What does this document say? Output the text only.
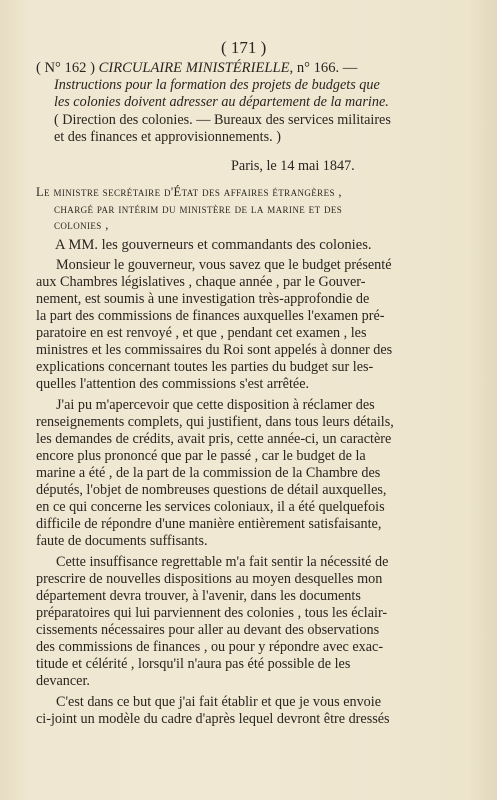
( 171 )
( N° 162 ) CIRCULAIRE MINISTÉRIELLE, n° 166. —
Instructions pour la formation des projets de budgets que
les colonies doivent adresser au département de la marine.
( Direction des colonies. — Bureaux des services militaires
et des finances et approvisionnements. )
Paris, le 14 mai 1847.
Le ministre secrétaire d'État des affaires étrangères ,
chargé par intérim du ministère de la marine et des
colonies ,
A MM. les gouverneurs et commandants des colonies.
Monsieur le gouverneur, vous savez que le budget présenté
aux Chambres législatives , chaque année , par le Gouver-
nement, est soumis à une investigation très-approfondie de
la part des commissions de finances auxquelles l'examen pré-
paratoire en est renvoyé , et que , pendant cet examen , les
ministres et les commissaires du Roi sont appelés à donner des
explications concernant toutes les parties du budget sur les-
quelles l'attention des commissions s'est arrêtée.
J'ai pu m'apercevoir que cette disposition à réclamer des
renseignements complets, qui justifient, dans tous leurs détails,
les demandes de crédits, avait pris, cette année-ci, un caractère
encore plus prononcé que par le passé , car le budget de la
marine a été , de la part de la commission de la Chambre des
députés, l'objet de nombreuses questions de détail auxquelles,
en ce qui concerne les services coloniaux, il a été quelquefois
difficile de répondre d'une manière entièrement satisfaisante,
faute de documents suffisants.
Cette insuffisance regrettable m'a fait sentir la nécessité de
prescrire de nouvelles dispositions au moyen desquelles mon
département devra trouver, à l'avenir, dans les documents
préparatoires qui lui parviennent des colonies , tous les éclair-
cissements nécessaires pour aller au devant des observations
des commissions de finances , ou pour y répondre avec exac-
titude et célérité , lorsqu'il n'aura pas été possible de les
devancer.
C'est dans ce but que j'ai fait établir et que je vous envoie
ci-joint un modèle du cadre d'après lequel devront être dressés
